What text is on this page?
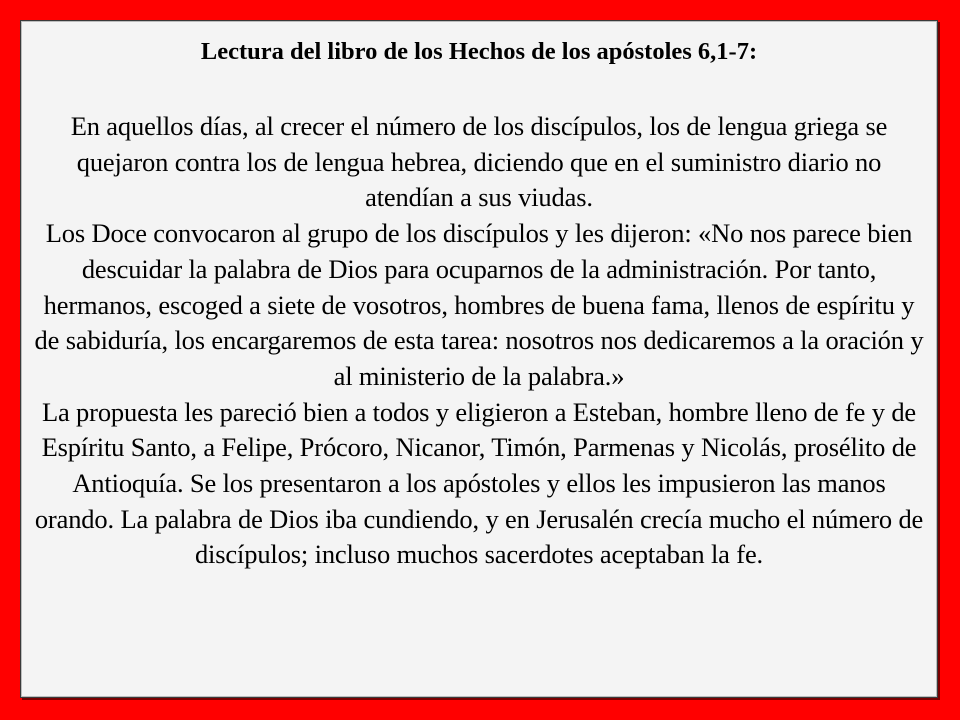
Lectura del libro de los Hechos de los apóstoles 6,1-7:

En aquellos días, al crecer el número de los discípulos, los de lengua griega se quejaron contra los de lengua hebrea, diciendo que en el suministro diario no atendían a sus viudas.

Los Doce convocaron al grupo de los discípulos y les dijeron: «No nos parece bien descuidar la palabra de Dios para ocuparnos de la administración. Por tanto, hermanos, escoged a siete de vosotros, hombres de buena fama, llenos de espíritu y de sabiduría, los encargaremos de esta tarea: nosotros nos dedicaremos a la oración y al ministerio de la palabra.»

La propuesta les pareció bien a todos y eligieron a Esteban, hombre lleno de fe y de Espíritu Santo, a Felipe, Prócoro, Nicanor, Timón, Parmenas y Nicolás, prosélito de Antioquía. Se los presentaron a los apóstoles y ellos les impusieron las manos orando. La palabra de Dios iba cundiendo, y en Jerusalén crecía mucho el número de discípulos; incluso muchos sacerdotes aceptaban la fe.
